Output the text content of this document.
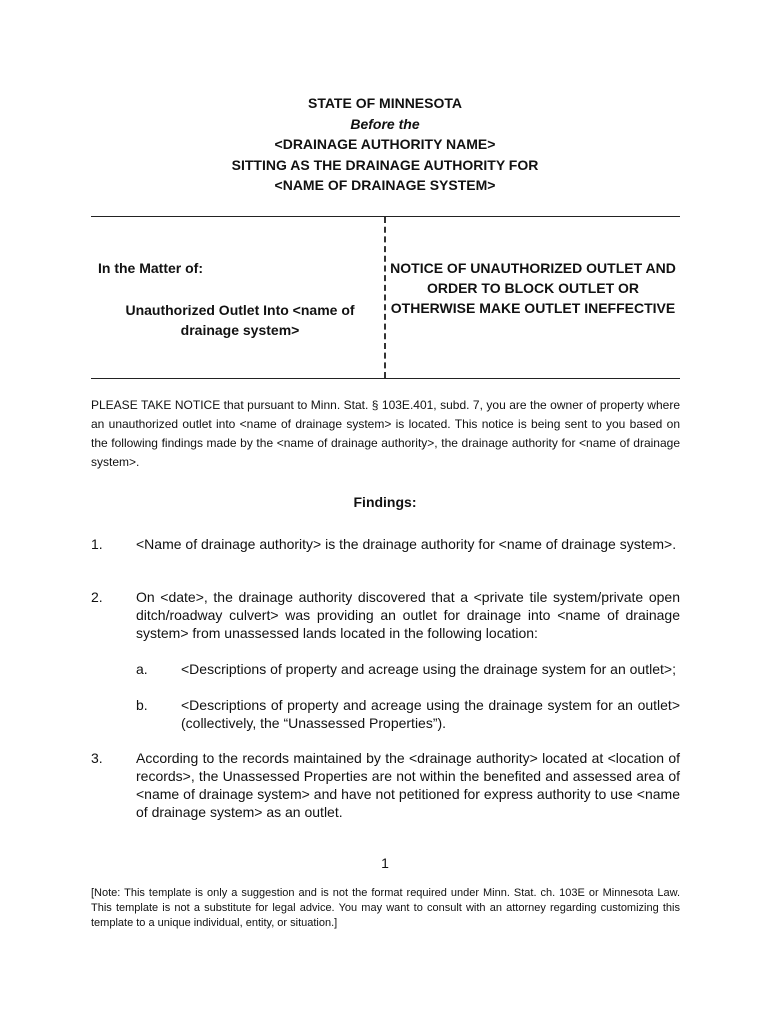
STATE OF MINNESOTA
Before the
<DRAINAGE AUTHORITY NAME>
SITTING AS THE DRAINAGE AUTHORITY FOR
<NAME OF DRAINAGE SYSTEM>
In the Matter of:
Unauthorized Outlet Into <name of drainage system>
NOTICE OF UNAUTHORIZED OUTLET AND ORDER TO BLOCK OUTLET OR OTHERWISE MAKE OUTLET INEFFECTIVE
PLEASE TAKE NOTICE that pursuant to Minn. Stat. § 103E.401, subd. 7, you are the owner of property where an unauthorized outlet into <name of drainage system> is located. This notice is being sent to you based on the following findings made by the <name of drainage authority>, the drainage authority for <name of drainage system>.
Findings:
1. <Name of drainage authority> is the drainage authority for <name of drainage system>.
2. On <date>, the drainage authority discovered that a <private tile system/private open ditch/roadway culvert> was providing an outlet for drainage into <name of drainage system> from unassessed lands located in the following location:
a. <Descriptions of property and acreage using the drainage system for an outlet>;
b. <Descriptions of property and acreage using the drainage system for an outlet> (collectively, the “Unassessed Properties”).
3. According to the records maintained by the <drainage authority> located at <location of records>, the Unassessed Properties are not within the benefited and assessed area of <name of drainage system> and have not petitioned for express authority to use <name of drainage system> as an outlet.
1
[Note: This template is only a suggestion and is not the format required under Minn. Stat. ch. 103E or Minnesota Law. This template is not a substitute for legal advice. You may want to consult with an attorney regarding customizing this template to a unique individual, entity, or situation.]
